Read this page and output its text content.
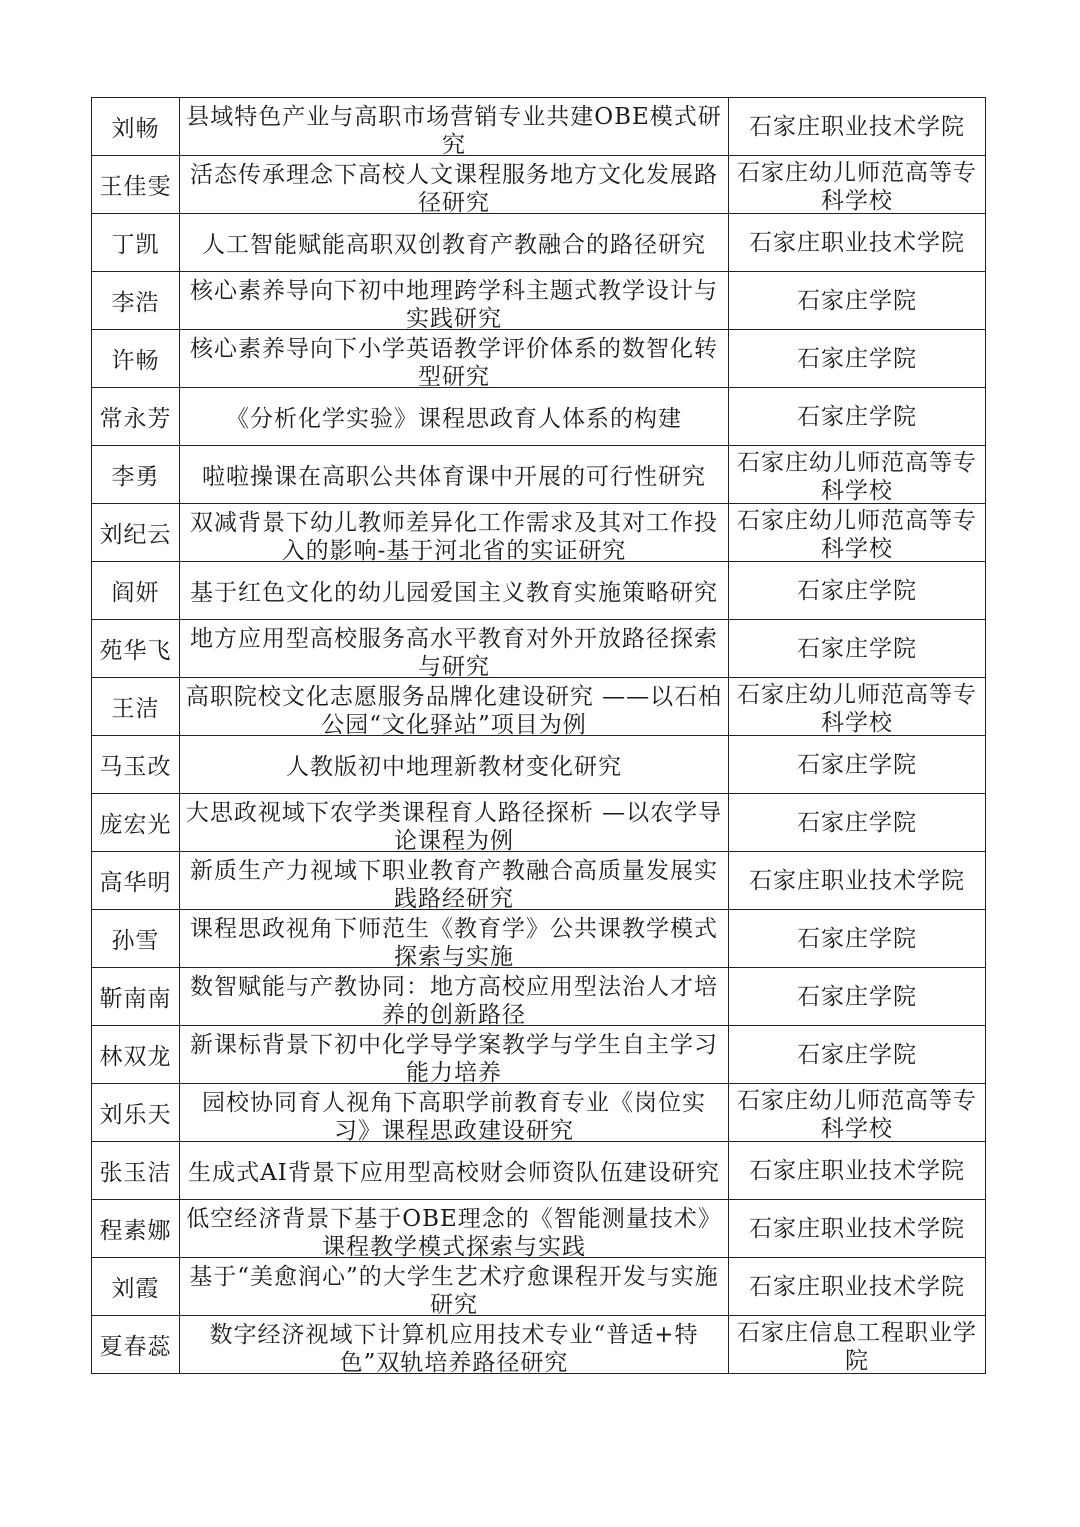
刘畅	县域特色产业与高职市场营销专业共建OBE模式研究	石家庄职业技术学院

王佳雯	活态传承理念下高校人文课程服务地方文化发展路径研究	石家庄幼儿师范高等专科学校

丁凯	人工智能赋能高职双创教育产教融合的路径研究	石家庄职业技术学院

李浩	核心素养导向下初中地理跨学科主题式教学设计与实践研究	石家庄学院

许畅	核心素养导向下小学英语教学评价体系的数智化转型研究	石家庄学院

常永芳	《分析化学实验》课程思政育人体系的构建	石家庄学院

李勇	啦啦操课在高职公共体育课中开展的可行性研究	石家庄幼儿师范高等专科学校

刘纪云	双减背景下幼儿教师差异化工作需求及其对工作投入的影响-基于河北省的实证研究	石家庄幼儿师范高等专科学校

阎妍	基于红色文化的幼儿园爱国主义教育实施策略研究	石家庄学院

苑华飞	地方应用型高校服务高水平教育对外开放路径探索与研究	石家庄学院

王洁	高职院校文化志愿服务品牌化建设研究 ——以石柏公园“文化驿站”项目为例	石家庄幼儿师范高等专科学校

马玉改	人教版初中地理新教材变化研究	石家庄学院

庞宏光	大思政视域下农学类课程育人路径探析 —以农学导论课程为例	石家庄学院

高华明	新质生产力视域下职业教育产教融合高质量发展实践路经研究	石家庄职业技术学院

孙雪	课程思政视角下师范生《教育学》公共课教学模式探索与实施	石家庄学院

靳南南	数智赋能与产教协同：地方高校应用型法治人才培养的创新路径	石家庄学院

林双龙	新课标背景下初中化学导学案教学与学生自主学习能力培养	石家庄学院

刘乐天	园校协同育人视角下高职学前教育专业《岗位实习》课程思政建设研究	石家庄幼儿师范高等专科学校

张玉洁	生成式AI背景下应用型高校财会师资队伍建设研究	石家庄职业技术学院

程素娜	低空经济背景下基于OBE理念的《智能测量技术》课程教学模式探索与实践	石家庄职业技术学院

刘霞	基于“美愈润心”的大学生艺术疗愈课程开发与实施研究	石家庄职业技术学院

夏春蕊	数字经济视域下计算机应用技术专业“普适+特色”双轨培养路径研究	石家庄信息工程职业学院
